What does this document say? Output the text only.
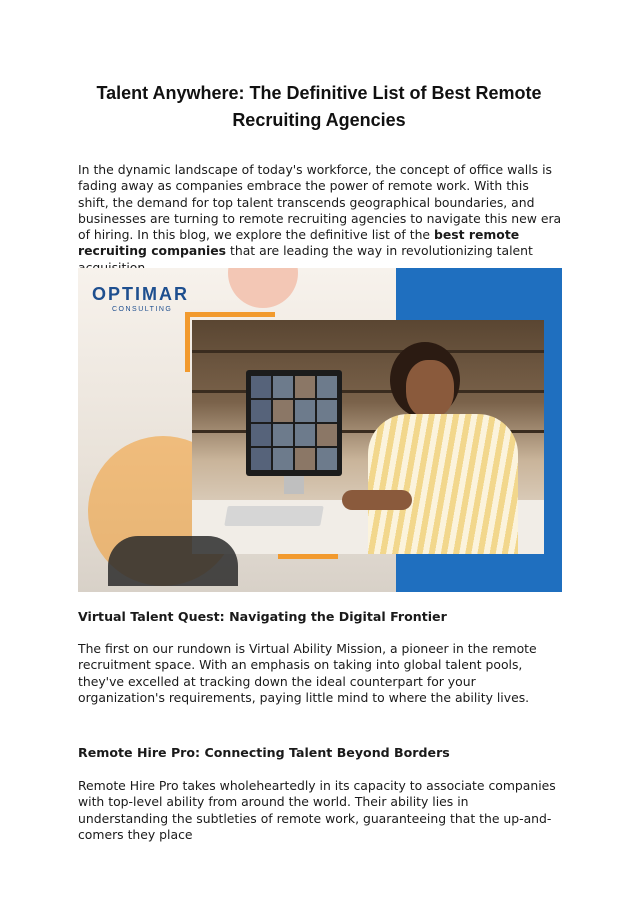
Talent Anywhere: The Definitive List of Best Remote Recruiting Agencies

In the dynamic landscape of today's workforce, the concept of office walls is fading away as companies embrace the power of remote work. With this shift, the demand for top talent transcends geographical boundaries, and businesses are turning to remote recruiting agencies to navigate this new era of hiring. In this blog, we explore the definitive list of the best remote recruiting companies that are leading the way in revolutionizing talent

OPTIMAR
CONSULTING
Virtual Talent Quest: Navigating the Digital Frontier

The first on our rundown is Virtual Ability Mission, a pioneer in the remote recruitment space. With an emphasis on taking into global talent pools, they've excelled at tracking down the ideal counterpart for your organization's requirements, paying little mind to where the ability lives.

Remote Hire Pro: Connecting Talent Beyond Borders

Remote Hire Pro takes wholeheartedly in its capacity to associate companies with top-level ability from around the world. Their ability lies in understanding the subtleties of remote work, guaranteeing that the up-and-comers they place
